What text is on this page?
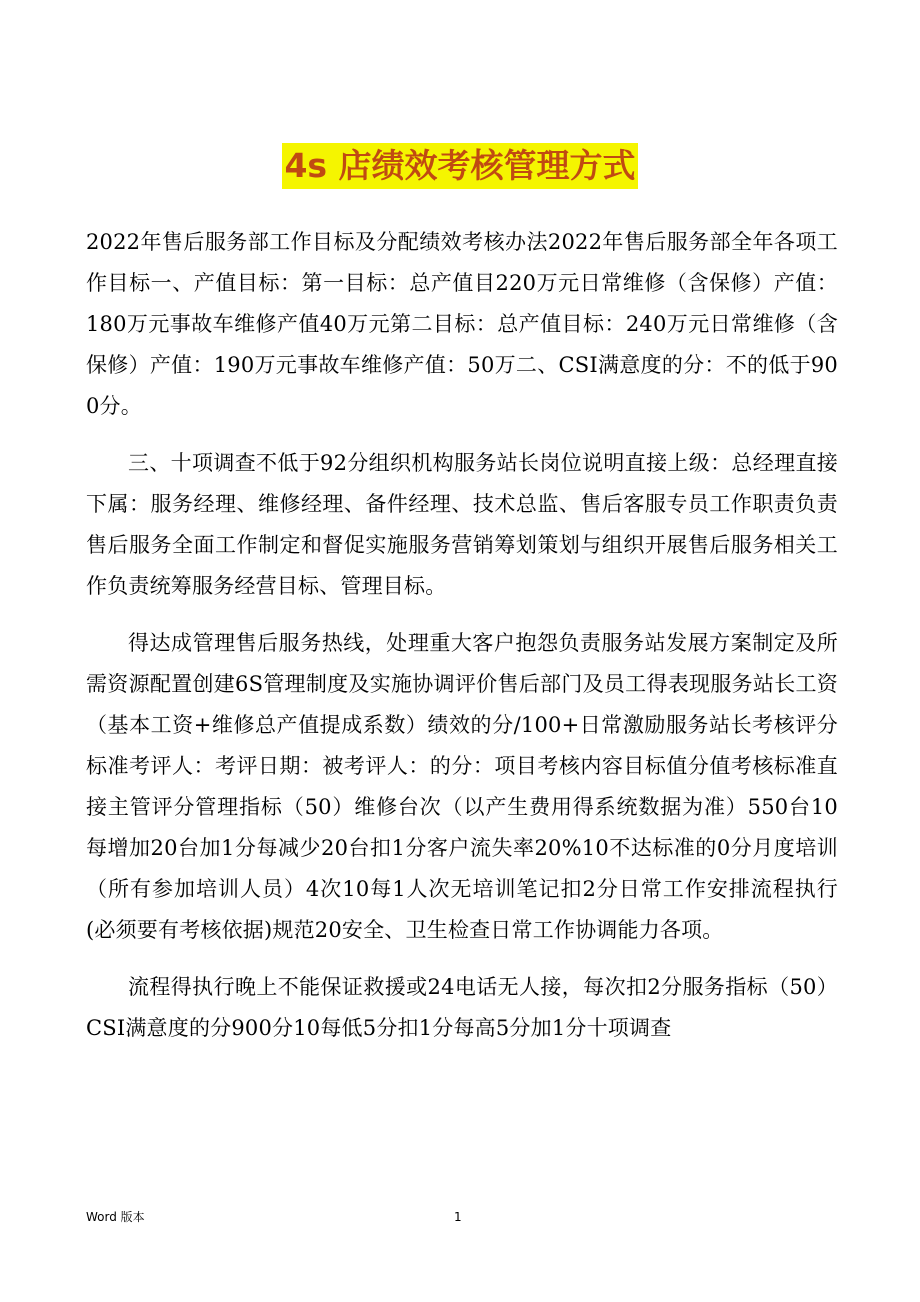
4s 店绩效考核管理方式

2022年售后服务部工作目标及分配绩效考核办法2022年售后服务部全年各项工作目标一、产值目标：第一目标：总产值目220万元日常维修（含保修）产值：180万元事故车维修产值40万元第二目标：总产值目标：240万元日常维修（含保修）产值：190万元事故车维修产值：50万二、CSI满意度的分：不的低于900分。

三、十项调查不低于92分组织机构服务站长岗位说明直接上级：总经理直接下属：服务经理、维修经理、备件经理、技术总监、售后客服专员工作职责负责售后服务全面工作制定和督促实施服务营销筹划策划与组织开展售后服务相关工作负责统筹服务经营目标、管理目标。

得达成管理售后服务热线，处理重大客户抱怨负责服务站发展方案制定及所需资源配置创建6S管理制度及实施协调评价售后部门及员工得表现服务站长工资（基本工资+维修总产值提成系数）绩效的分/100+日常激励服务站长考核评分标准考评人：考评日期：被考评人：的分：项目考核内容目标值分值考核标准直接主管评分管理指标（50）维修台次（以产生费用得系统数据为准）550台10每增加20台加1分每减少20台扣1分客户流失率20%10不达标准的0分月度培训（所有参加培训人员）4次10每1人次无培训笔记扣2分日常工作安排流程执行(必须要有考核依据)规范20安全、卫生检查日常工作协调能力各项。

流程得执行晚上不能保证救援或24电话无人接，每次扣2分服务指标（50）CSI满意度的分900分10每低5分扣1分每高5分加1分十项调查

Word 版本	1
